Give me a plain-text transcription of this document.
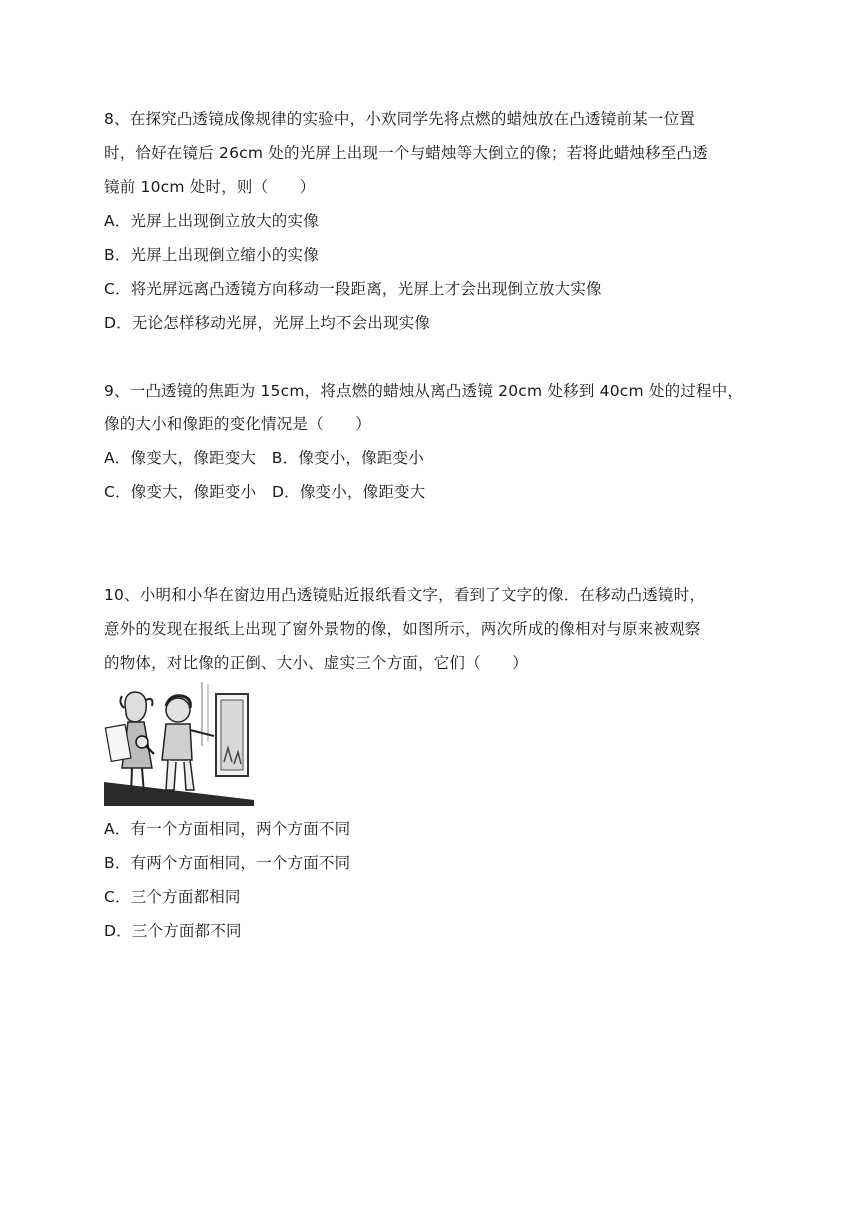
8、在探究凸透镜成像规律的实验中，小欢同学先将点燃的蜡烛放在凸透镜前某一位置
时，恰好在镜后 26cm 处的光屏上出现一个与蜡烛等大倒立的像；若将此蜡烛移至凸透
镜前 10cm 处时，则（　　）
A．光屏上出现倒立放大的实像
B．光屏上出现倒立缩小的实像
C．将光屏远离凸透镜方向移动一段距离，光屏上才会出现倒立放大实像
D．无论怎样移动光屏，光屏上均不会出现实像
9、一凸透镜的焦距为 15cm，将点燃的蜡烛从离凸透镜 20cm 处移到 40cm 处的过程中，
像的大小和像距的变化情况是（　　）
A．像变大，像距变大　B．像变小，像距变小
C．像变大，像距变小　D．像变小，像距变大
10、小明和小华在窗边用凸透镜贴近报纸看文字，看到了文字的像．在移动凸透镜时，
意外的发现在报纸上出现了窗外景物的像，如图所示，两次所成的像相对与原来被观察
的物体，对比像的正倒、大小、虚实三个方面，它们（　　）
A．有一个方面相同，两个方面不同
B．有两个方面相同，一个方面不同
C．三个方面都相同
D．三个方面都不同
